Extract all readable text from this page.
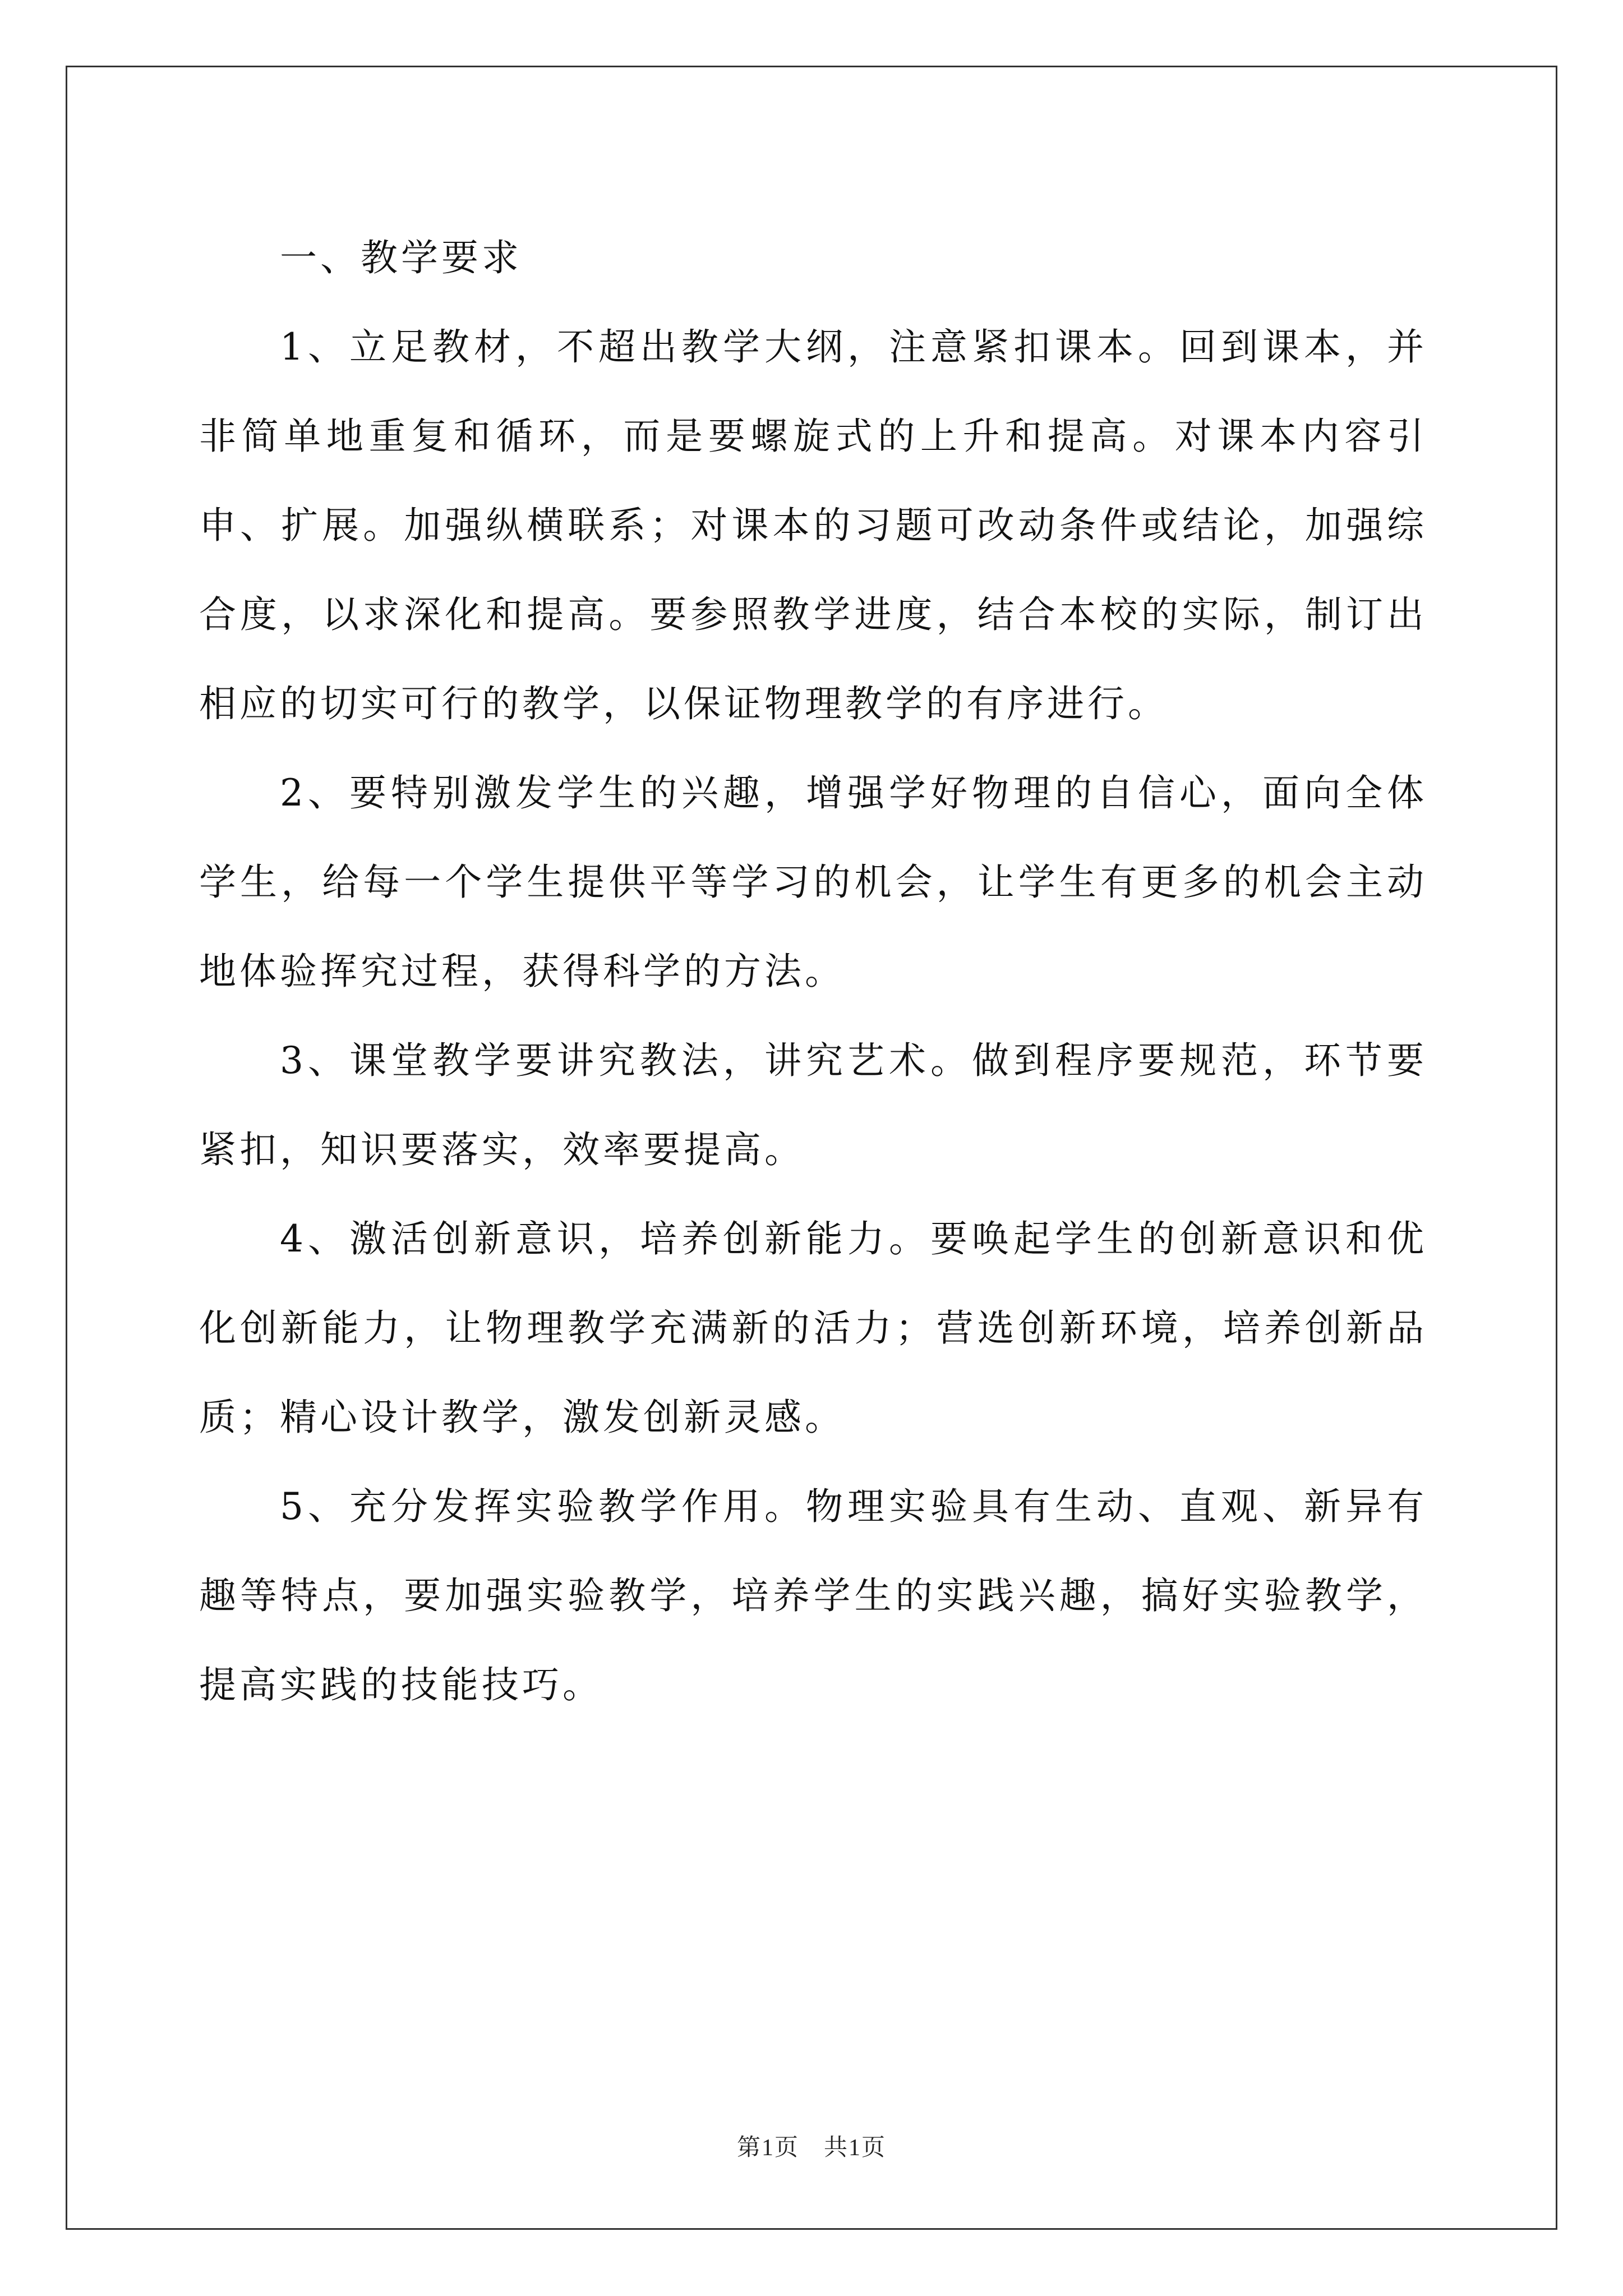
一、教学要求

1、立足教材，不超出教学大纲，注意紧扣课本。回到课本，并非简单地重复和循环，而是要螺旋式的上升和提高。对课本内容引申、扩展。加强纵横联系；对课本的习题可改动条件或结论，加强综合度，以求深化和提高。要参照教学进度，结合本校的实际，制订出相应的切实可行的教学，以保证物理教学的有序进行。

2、要特别激发学生的兴趣，增强学好物理的自信心，面向全体学生，给每一个学生提供平等学习的机会，让学生有更多的机会主动地体验挥究过程，获得科学的方法。

3、课堂教学要讲究教法，讲究艺术。做到程序要规范，环节要紧扣，知识要落实，效率要提高。

4、激活创新意识，培养创新能力。要唤起学生的创新意识和优化创新能力，让物理教学充满新的活力；营选创新环境，培养创新品质；精心设计教学，激发创新灵感。

5、充分发挥实验教学作用。物理实验具有生动、直观、新异有趣等特点，要加强实验教学，培养学生的实践兴趣，搞好实验教学，提高实践的技能技巧。

第1页　共1页
